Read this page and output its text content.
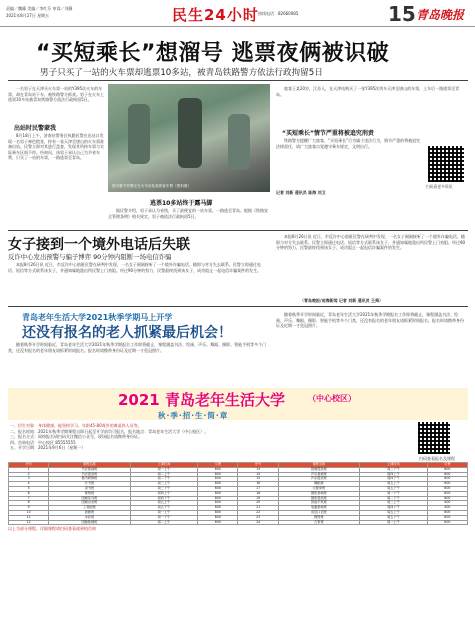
责编／魏耀 美编／李红芬 审读／刘静
2021年8月27日 星期五	民生24小时 热线电话：82660085	15 青岛晚报
“买短乘长”想溜号 逃票夜俩被识破
男子只买了一站的火车票却逃票10多站，被青岛铁路警方依法行政拘留5日

一名男子在天津买火车票一站的Y395次火车的车票，却在青岛站下车，被铁路警方抓获。男子在火车上逃票10多站被青岛铁路警方依法行政拘留5日。

出站时民警蒙我

8月18日上午，济南站警务区执勤民警在出站口发现一名男子神色慌张，持有一张天津至唐山的火车票准备出站。民警立即对其进行盘查，发现其所持车票与实际乘车区间不符。经询问，该男子承认自己为节省车费，只买了一站的车票，一路逃票至青岛。

图为警方民警正在火车站检查旅客车票（资料图）

旅客王某20岁，江苏人，在天津站购买了一张Y395次列车天津至唐山的车票，上车后一路逃票至青岛。

“买短乘长”情节严重将被追究刑责

铁路警方提醒广大旅客，“买短乘长”行为属于违法行为，情节严重的将被追究法律责任，请广大旅客自觉遵守乘车规定，文明出行。

扫码看更多资讯
逃票10多站终于露马脚

据民警介绍，男子承认为省钱，买了最便宜的一站车票，一路逃至青岛。根据《铁路安全管理条例》相关规定，男子被依法行政拘留5日。

记者 刘新 通讯员 陈海 刘卫
女子接到一个境外电话后失联
反诈中心发出预警与骗子博弈 90分钟内阻断一场电信诈骗

本报8月26日讯 近日，市反诈中心值班民警在研判中发现，一名女子刚刚接听了一个境外诈骗电话，随即与对方失去联系。民警立即通过电话、短信等方式联系该女子，并通知属地派出所民警上门劝阻。经过90分钟的努力，民警最终找到该女子，成功阻止一起电信诈骗案件的发生。

本报8月26日讯 近日，市反诈中心值班民警在研判中发现，一名女子刚刚接听了一个境外诈骗电话，随即与对方失去联系。民警立即通过电话、短信等方式联系该女子，并通知属地派出所民警上门劝阻。经过90分钟的努力，民警最终找到该女子，成功阻止一起电信诈骗案件的发生。

（青岛晚报/观海新闻 记者 刘新 通讯员 王舜）
青岛老年生活大学2021秋季学期马上开学
还没有报名的老人抓紧最后机会！

随着秋季开学时间临近，青岛老年生活大学2021年秋季学期报名工作即将截止，课程涵盖书法、绘画、声乐、舞蹈、摄影、智能手机等多个门类，还没有报名的老年朋友请抓紧时间报名。报名时请携带身份证及近期一寸免冠照片。

随着秋季开学时间临近，青岛老年生活大学2021年秋季学期报名工作即将截止，课程涵盖书法、绘画、声乐、舞蹈、摄影、智能手机等多个门类，还没有报名的老年朋友请抓紧时间报名。报名时请携带身份证及近期一寸免冠照片。

2021 青岛老年生活大学	（中心校区）
秋·季·招·生·简·章
一、招生对象：身体健康、能坚持学习、年龄45-80周岁的离退休人员等。
二、报名时间：2021年秋季学期课程自即日起至开学前均可报名，报名地点：青岛老年生活大学（中心校区）。
三、报名方式：网络报名请扫码关注微信公众号，现场报名请携带身份证。
四、咨询电话：中心校区 85555555
五、开学日期：2021年9月6日（星期一）
扫码查看报名及课程
序号	课程名称	上课时间	学费	序号	课程名称	上课时间	学费
1	书法基础班	周一上午	600	13	国画提高班	周三下午	800
2	书法提高班	周二上午	800	14	声乐基础班	周四上午	600
3	楷书研修班	周二下午	800	15	声乐提高班	周四下午	600
4	行书班	周三上午	800	16	舞蹈班	周五上午	600
5	隶书班	周三下午	600	17	太极拳班	周五下午	600
6	篆刻班	周四上午	800	18	摄影基础班	周一下午	600
7	国画花鸟班	周四下午	800	19	摄影提高班	周二下午	800
8	国画山水班	周五上午	800	20	智能手机班	周三上午	400
9	工笔画班	周五下午	800	21	电脑基础班	周四下午	400
10	油画班	周一上午	800	22	英语口语班	周五上午	600
11	水彩班	周一下午	600	23	模特班	周五下午	600
12	国画基础班	周二上午	600	24	古筝班	周一上午	800
以上为部分课程，详细课程请扫码查看或到校咨询
